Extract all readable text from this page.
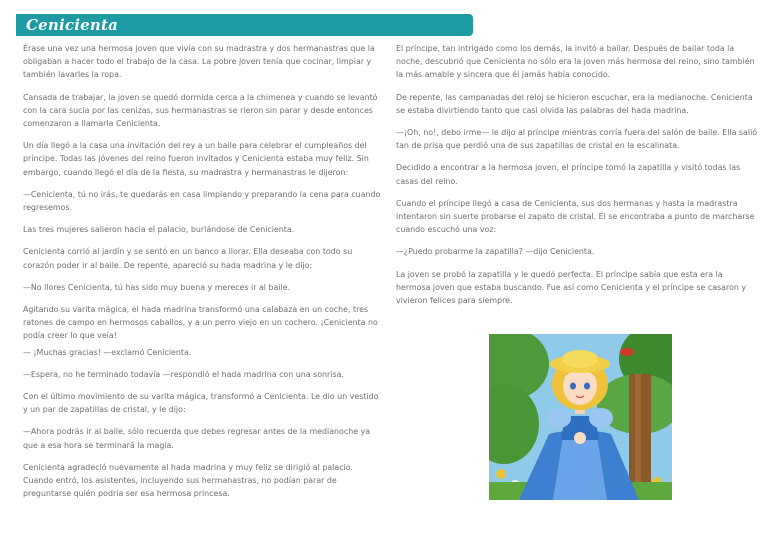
Cenicienta

Érase una vez una hermosa joven que vivía con su madrastra y dos hermanastras que la obligaban a hacer todo el trabajo de la casa. La pobre joven tenía que cocinar, limpiar y también lavarles la ropa.

Cansada de trabajar, la joven se quedó dormida cerca a la chimenea y cuando se levantó con la cara sucia por las cenizas, sus hermanastras se rieron sin parar y desde entonces comenzaron a llamarla Cenicienta.

Un día llegó a la casa una invitación del rey a un baile para celebrar el cumpleaños del príncipe. Todas las jóvenes del reino fueron invitados y Cenicienta estaba muy feliz. Sin embargo, cuando llegó el día de la fiesta, su madrastra y hermanastras le dijeron:

—Cenicienta, tú no irás, te quedarás en casa limpiando y preparando la cena para cuando regresemos.

Las tres mujeres salieron hacia el palacio, burlándose de Cenicienta.

Cenicienta corrió al jardín y se sentó en un banco a llorar. Ella deseaba con todo su corazón poder ir al baile. De repente, apareció su hada madrina y le dijo:

—No llores Cenicienta, tú has sido muy buena y mereces ir al baile.

Agitando su varita mágica, el hada madrina transformó una calabaza en un coche, tres ratones de campo en hermosos caballos, y a un perro viejo en un cochero. ¡Cenicienta no podía creer lo que veía!

— ¡Muchas gracias! —exclamó Cenicienta.

—Espera, no he terminado todavía —respondió el hada madrina con una sonrisa.

Con el último movimiento de su varita mágica, transformó a Cenicienta. Le dio un vestido y un par de zapatillas de cristal, y le dijo:

—Ahora podrás ir al baile, sólo recuerda que debes regresar antes de la medianoche ya que a esa hora se terminará la magia.

Cenicienta agradeció nuevamente al hada madrina y muy feliz se dirigió al palacio. Cuando entró, los asistentes, incluyendo sus hermanastras, no podían parar de preguntarse quién podría ser esa hermosa princesa.

El príncipe, tan intrigado como los demás, la invitó a bailar. Después de bailar toda la noche, descubrió que Cenicienta no sólo era la joven más hermosa del reino, sino también la más amable y sincera que él jamás había conocido.

De repente, las campanadas del reloj se hicieron escuchar, era la medianoche. Cenicienta se estaba divirtiendo tanto que casi olvida las palabras del hada madrina.

—¡Oh, no!, debo irme— le dijo al príncipe mientras corría fuera del salón de baile. Ella salió tan de prisa que perdió una de sus zapatillas de cristal en la escalinata.

Decidido a encontrar a la hermosa joven, el príncipe tomó la zapatilla y visitó todas las casas del reino.

Cuando el príncipe llegó a casa de Cenicienta, sus dos hermanas y hasta la madrastra intentaron sin suerte probarse el zapato de cristal. Él se encontraba a punto de marcharse cuando escuchó una voz:

—¿Puedo probarme la zapatilla? —dijo Cenicienta.

La joven se probó la zapatilla y le quedó perfecta. El príncipe sabía que esta era la hermosa joven que estaba buscando. Fue así como Cenicienta y el príncipe se casaron y vivieron felices para siempre.
